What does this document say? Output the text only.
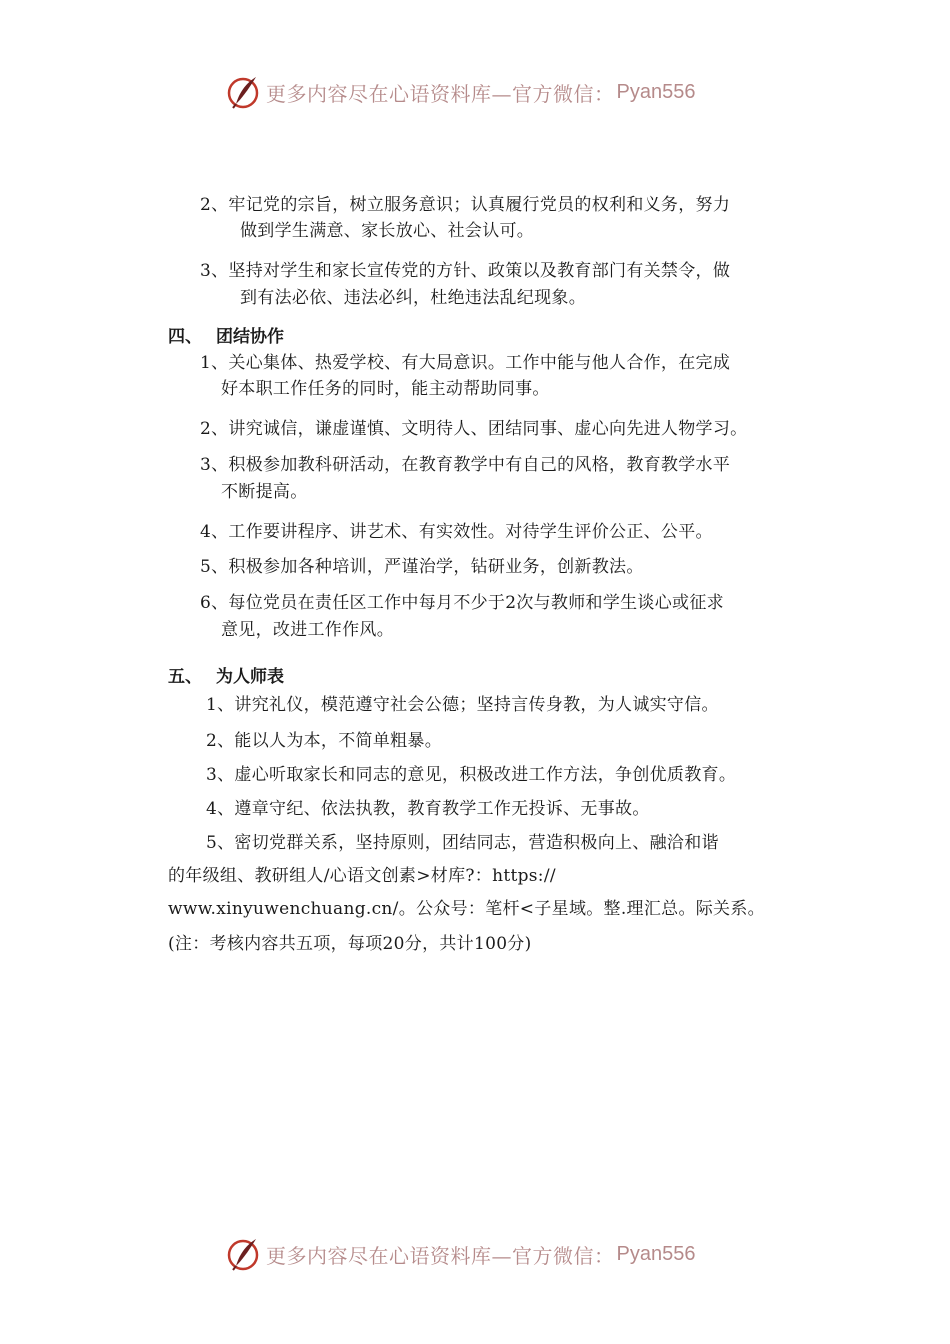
更多内容尽在心语资料库—官方微信： Pyan556
2、牢记党的宗旨，树立服务意识；认真履行党员的权利和义务，努力
做到学生满意、家长放心、社会认可。
3、坚持对学生和家长宣传党的方针、政策以及教育部门有关禁令，做
到有法必依、违法必纠，杜绝违法乱纪现象。
四、 团结协作
1、关心集体、热爱学校、有大局意识。工作中能与他人合作，在完成
好本职工作任务的同时，能主动帮助同事。
2、讲究诚信，谦虚谨慎、文明待人、团结同事、虚心向先进人物学习。
3、积极参加教科研活动，在教育教学中有自己的风格，教育教学水平
不断提高。
4、工作要讲程序、讲艺术、有实效性。对待学生评价公正、公平。
5、积极参加各种培训，严谨治学，钻研业务，创新教法。
6、每位党员在责任区工作中每月不少于2次与教师和学生谈心或征求
意见，改进工作作风。
五、 为人师表
1、讲究礼仪，模范遵守社会公德；坚持言传身教，为人诚实守信。
2、能以人为本，不简单粗暴。
3、虚心听取家长和同志的意见，积极改进工作方法，争创优质教育。
4、遵章守纪、依法执教，教育教学工作无投诉、无事故。
5、密切党群关系，坚持原则，团结同志，营造积极向上、融洽和谐
的年级组、教研组人/心语文创素>材库?：https://
www.xinyuwenchuang.cn/。公众号：笔杆<子星域。整.理汇总。际关系。
(注：考核内容共五项，每项20分，共计100分)
更多内容尽在心语资料库—官方微信： Pyan556
